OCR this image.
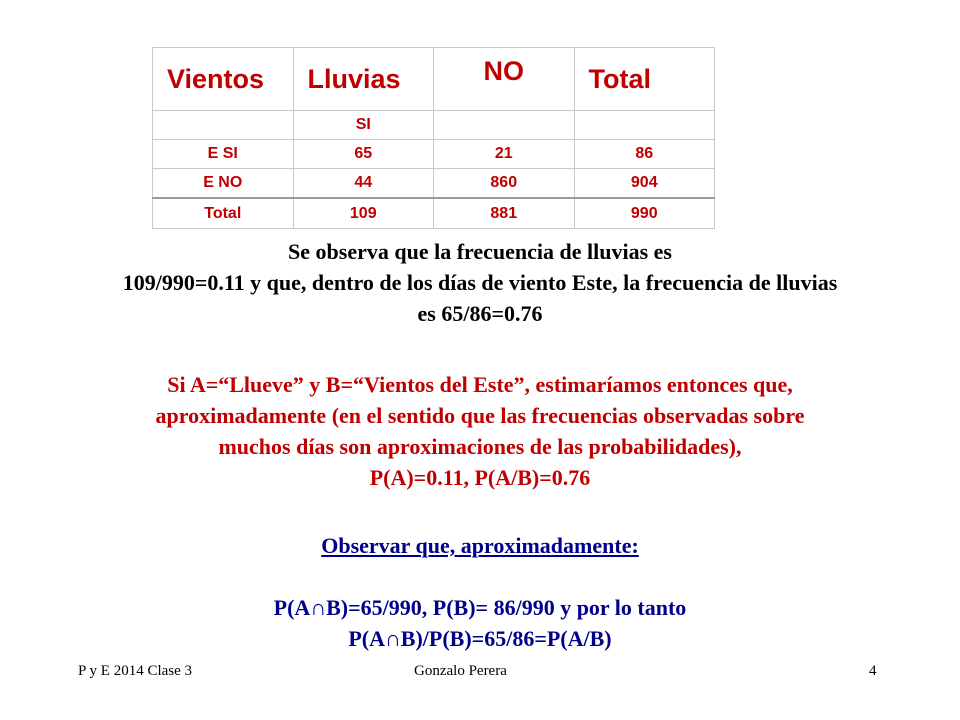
Vientos	Lluvias	NO	Total
	SI		
E SI	65	21	86
E NO	44	860	904
Total	109	881	990
Se observa que la frecuencia de lluvias es
109/990=0.11 y que, dentro de los días de viento Este, la frecuencia de lluvias
es 65/86=0.76
Si A=“Llueve” y B=“Vientos del Este”, estimaríamos entonces que,
aproximadamente (en el sentido que las frecuencias observadas sobre
muchos días son aproximaciones de las probabilidades),
P(A)=0.11, P(A/B)=0.76
Observar que, aproximadamente:
P(A∩B)=65/990, P(B)= 86/990 y por lo tanto
P(A∩B)/P(B)=65/86=P(A/B)
P y E 2014 Clase 3	Gonzalo Perera	4
